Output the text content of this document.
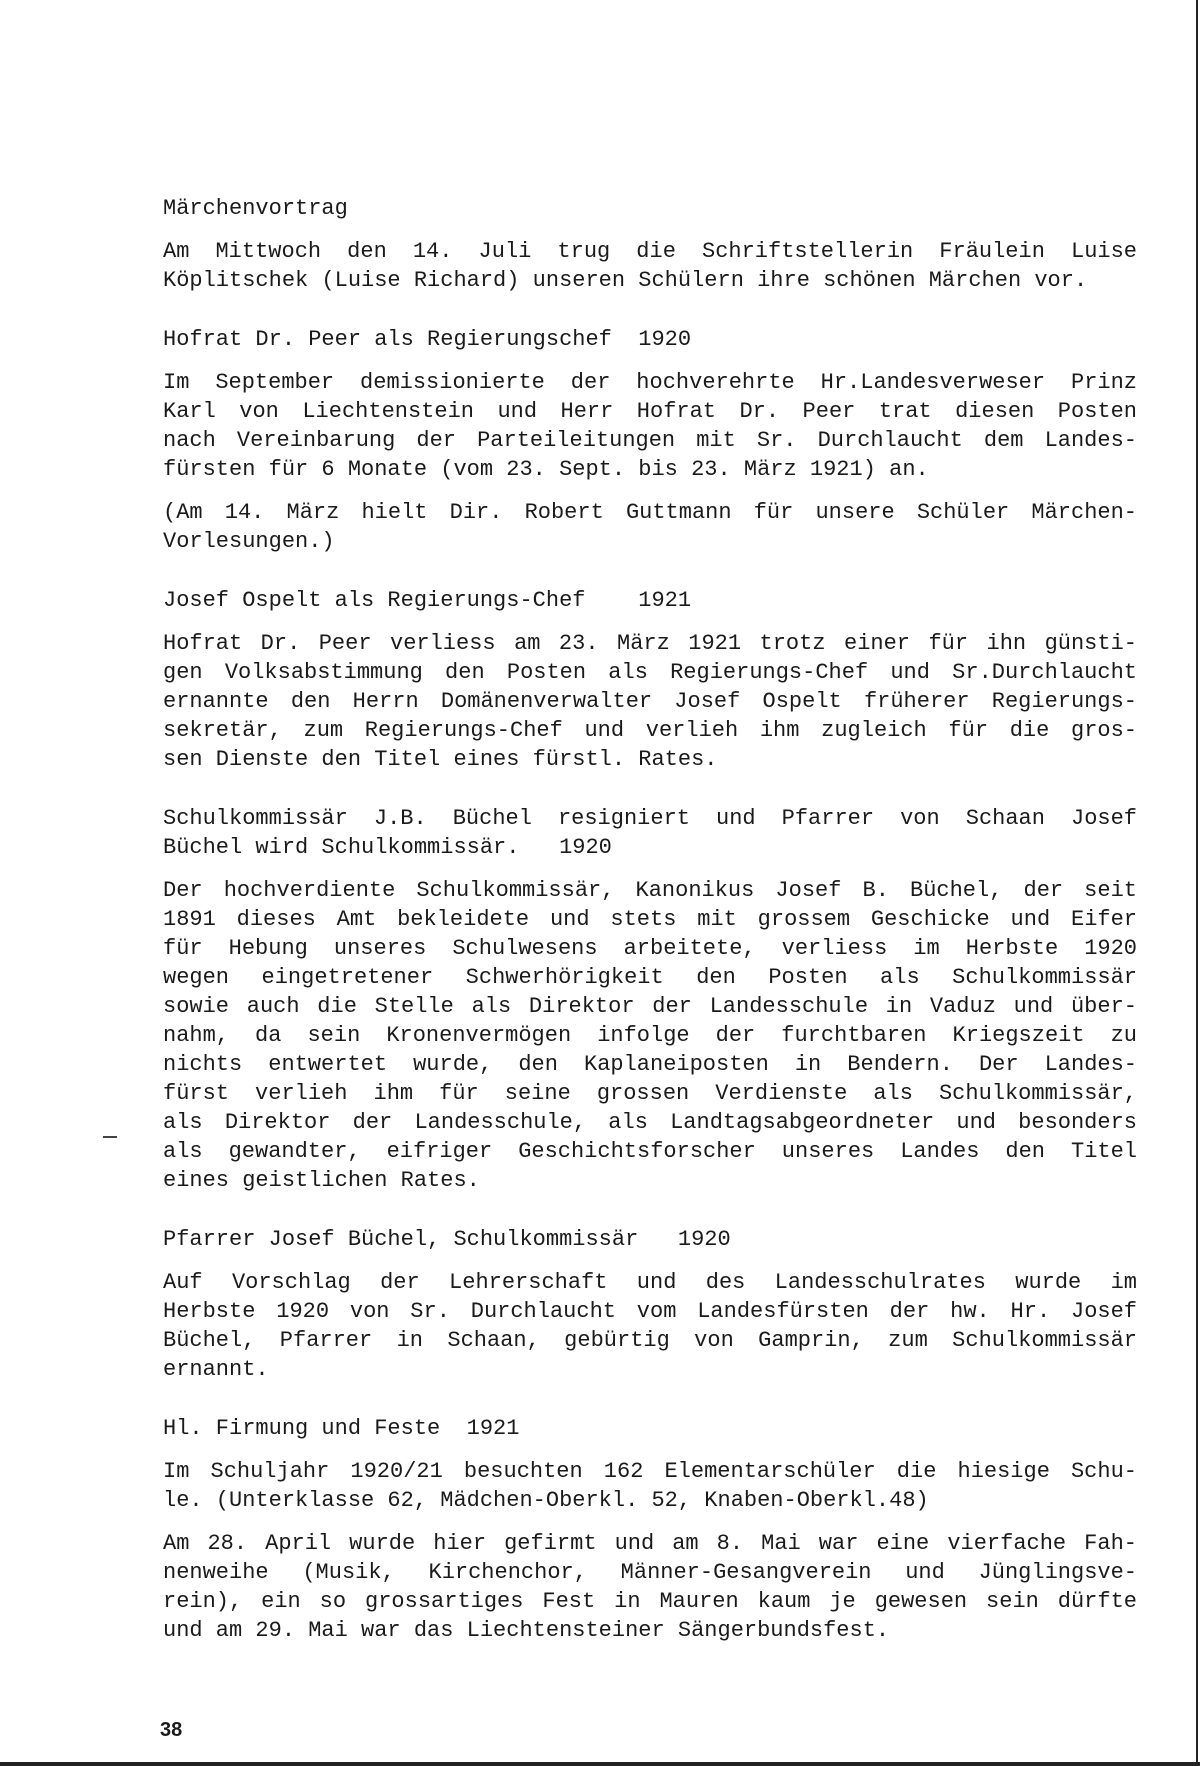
Märchenvortrag
Am Mittwoch den 14. Juli trug die Schriftstellerin Fräulein Luise
Köplitschek (Luise Richard) unseren Schülern ihre schönen Märchen vor.
Hofrat Dr. Peer als Regierungschef  1920
Im September demissionierte der hochverehrte Hr.Landesverweser Prinz
Karl von Liechtenstein und Herr Hofrat Dr. Peer trat diesen Posten
nach Vereinbarung der Parteileitungen mit Sr. Durchlaucht dem Landes-
fürsten für 6 Monate (vom 23. Sept. bis 23. März 1921) an.
(Am 14. März hielt Dir. Robert Guttmann für unsere Schüler Märchen-
Vorlesungen.)
Josef Ospelt als Regierungs-Chef    1921
Hofrat Dr. Peer verliess am 23. März 1921 trotz einer für ihn günsti-
gen Volksabstimmung den Posten als Regierungs-Chef und Sr.Durchlaucht
ernannte den Herrn Domänenverwalter Josef Ospelt früherer Regierungs-
sekretär, zum Regierungs-Chef und verlieh ihm zugleich für die gros-
sen Dienste den Titel eines fürstl. Rates.
Schulkommissär J.B. Büchel resigniert und Pfarrer von Schaan Josef
Büchel wird Schulkommissär.   1920
Der hochverdiente Schulkommissär, Kanonikus Josef B. Büchel, der seit
1891 dieses Amt bekleidete und stets mit grossem Geschicke und Eifer
für Hebung unseres Schulwesens arbeitete, verliess im Herbste 1920
wegen eingetretener Schwerhörigkeit den Posten als Schulkommissär
sowie auch die Stelle als Direktor der Landesschule in Vaduz und über-
nahm, da sein Kronenvermögen infolge der furchtbaren Kriegszeit zu
nichts entwertet wurde, den Kaplaneiposten in Bendern. Der Landes-
fürst verlieh ihm für seine grossen Verdienste als Schulkommissär,
als Direktor der Landesschule, als Landtagsabgeordneter und besonders
als gewandter, eifriger Geschichtsforscher unseres Landes den Titel
eines geistlichen Rates.
Pfarrer Josef Büchel, Schulkommissär   1920
Auf Vorschlag der Lehrerschaft und des Landesschulrates wurde im
Herbste 1920 von Sr. Durchlaucht vom Landesfürsten der hw. Hr. Josef
Büchel, Pfarrer in Schaan, gebürtig von Gamprin, zum Schulkommissär
ernannt.
Hl. Firmung und Feste  1921
Im Schuljahr 1920/21 besuchten 162 Elementarschüler die hiesige Schu-
le. (Unterklasse 62, Mädchen-Oberkl. 52, Knaben-Oberkl.48)
Am 28. April wurde hier gefirmt und am 8. Mai war eine vierfache Fah-
nenweihe (Musik, Kirchenchor, Männer-Gesangverein und Jünglingsve-
rein), ein so grossartiges Fest in Mauren kaum je gewesen sein dürfte
und am 29. Mai war das Liechtensteiner Sängerbundsfest.
38
